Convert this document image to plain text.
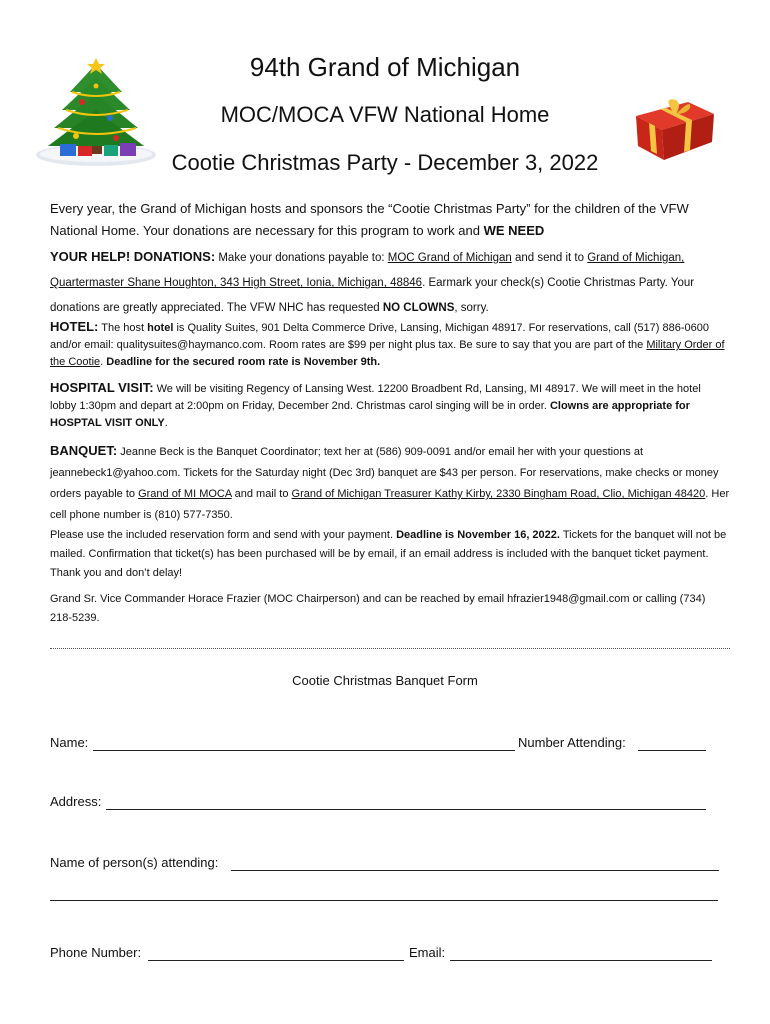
94th Grand of Michigan
MOC/MOCA VFW National Home
Cootie Christmas Party - December 3, 2022

Every year, the Grand of Michigan hosts and sponsors the “Cootie Christmas Party” for the children of the VFW National Home. Your donations are necessary for this program to work and WE NEED

YOUR HELP! DONATIONS: Make your donations payable to: MOC Grand of Michigan and send it to Grand of Michigan, Quartermaster Shane Houghton, 343 High Street, Ionia, Michigan, 48846. Earmark your check(s) Cootie Christmas Party. Your donations are greatly appreciated. The VFW NHC has requested NO CLOWNS, sorry.

HOTEL: The host hotel is Quality Suites, 901 Delta Commerce Drive, Lansing, Michigan 48917. For reservations, call (517) 886-0600 and/or email: qualitysuites@haymanco.com. Room rates are $99 per night plus tax. Be sure to say that you are part of the Military Order of the Cootie. Deadline for the secured room rate is November 9th.

HOSPITAL VISIT: We will be visiting Regency of Lansing West. 12200 Broadbent Rd, Lansing, MI 48917. We will meet in the hotel lobby 1:30pm and depart at 2:00pm on Friday, December 2nd. Christmas carol singing will be in order. Clowns are appropriate for HOSPTAL VISIT ONLY.

BANQUET: Jeanne Beck is the Banquet Coordinator; text her at (586) 909-0091 and/or email her with your questions at jeannebeck1@yahoo.com. Tickets for the Saturday night (Dec 3rd) banquet are $43 per person. For reservations, make checks or money orders payable to Grand of MI MOCA and mail to Grand of Michigan Treasurer Kathy Kirby, 2330 Bingham Road, Clio, Michigan 48420. Her cell phone number is (810) 577-7350.

Please use the included reservation form and send with your payment. Deadline is November 16, 2022. Tickets for the banquet will not be mailed. Confirmation that ticket(s) has been purchased will be by email, if an email address is included with the banquet ticket payment. Thank you and don’t delay!

Grand Sr. Vice Commander Horace Frazier (MOC Chairperson) and can be reached by email hfrazier1948@gmail.com or calling (734) 218-5239.

Cootie Christmas Banquet Form
Name:	Number Attending:
Address:
Name of person(s) attending:
Phone Number:	Email:
